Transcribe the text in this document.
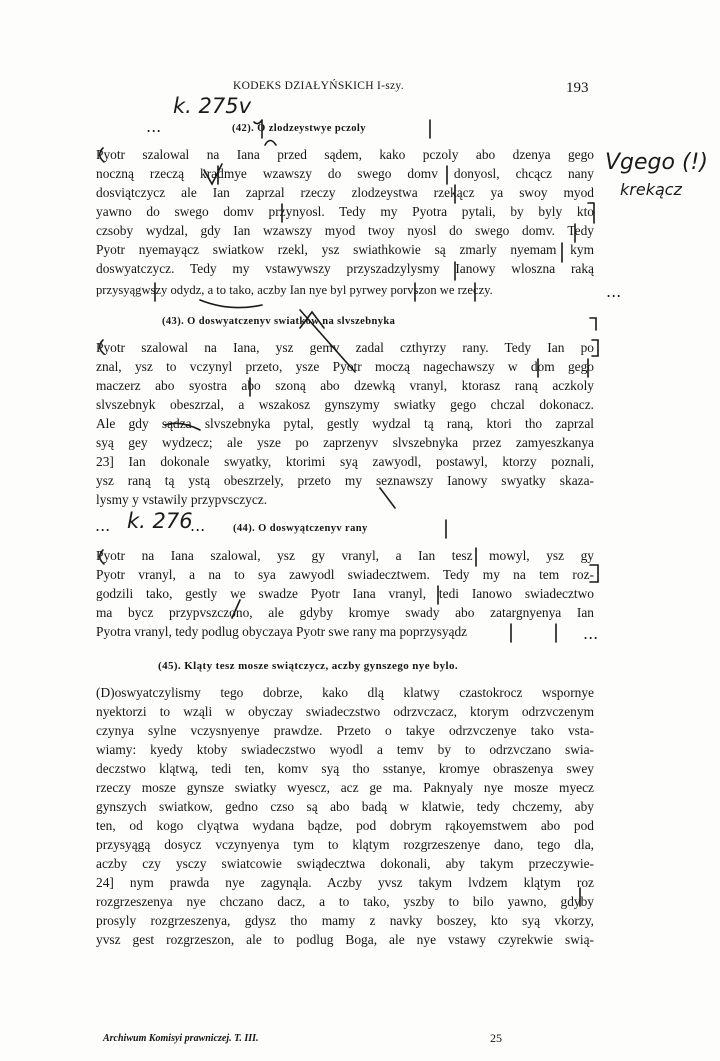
KODEKS DZIAŁYŃSKICH I-szy.	193
k. 275v
Vgego (!)
krekącz
...
...
... k. 276
...
...
(42). O zlodzeystwye pczoly
(43). O doswyatczenyv swiatkow na slvszebnyka
(44). O doswyątczenyv rany
(45). Kląty tesz mosze swiątczycz, aczby gynszego nye bylo.
Pyotr szalowal na Iana przed sądem, kako pczoly abo dzenya gego
noczną rzeczą kradmye wzawszy do swego domv donyosl, chcącz nany
dosviątczycz ale Ian zaprzal rzeczy zlodzeystwa rzekącz ya swoy myod
yawno do swego domv przynyosl. Tedy my Pyotra pytali, by byly kto
czsoby wydzal, gdy Ian wzawszy myod twoy nyosl do swego domv. Tedy
Pyotr nyemayącz swiatkow rzekl, ysz swiathkowie są zmarly nyemam kym
doswyatczycz. Tedy my vstawywszy przyszadzylysmy Ianowy wloszna raką
przysyągwszy odydz, a to tako, aczby Ian nye byl pyrwey porvszon we rzeczy.
Pyotr szalowal na Iana, ysz gemv zadal czthyrzy rany. Tedy Ian po
znal, ysz to vczynyl przeto, ysze Pyotr moczą nagechawszy w dom gego
maczerz abo syostra abo szoną abo dzewką vranyl, ktorasz raną aczkoly
slvszebnyk obeszrzal, a wszakosz gynszymy swiatky gego chczal dokonacz.
Ale gdy sądza slvszebnyka pytal, gestly wydzal tą raną, ktori tho zaprzal
syą gey wydzecz; ale ysze po zaprzenyv slvszebnyka przez zamyeszkanya
23] Ian dokonale swyatky, ktorimi syą zawyodl, postawyl, ktorzy poznali,
ysz raną tą ystą obeszrzely, przeto my seznawszy Ianowy swyatky skaza-
lysmy y vstawily przypvsczycz.
Pyotr na Iana szalowal, ysz gy vranyl, a Ian tesz mowyl, ysz gy
Pyotr vranyl, a na to sya zawyodl swiadecztwem. Tedy my na tem roz-
godzili tako, gestly we swadze Pyotr Iana vranyl, tedi Ianowo swiadecztwo
ma bycz przypvszczono, ale gdyby kromye swady abo zatargnyenya Ian
Pyotra vranyl, tedy podlug obyczaya Pyotr swe rany ma poprzysyądz
(D)oswyatczylismy tego dobrze, kako dlą klatwy czastokrocz wspornye
nyektorzi to wząli w obyczay swiadeczstwo odrzvczacz, ktorym odrzvczenym
czynya sylne vczysnyenye prawdze. Przeto o takye odrzvczenye tako vsta-
wiamy: kyedy ktoby swiadeczstwo wyodl a temv by to odrzvczano swia-
deczstwo klątwą, tedi ten, komv syą tho sstanye, kromye obraszenya swey
rzeczy mosze gynsze swiatky wyescz, acz ge ma. Paknyaly nye mosze myecz
gynszych swiatkow, gedno czso są abo badą w klatwie, tedy chczemy, aby
ten, od kogo clyątwa wydana bądze, pod dobrym rąkoyemstwem abo pod
przysyągą dosycz vczynyenya tym to klątym rozgrzeszenye dano, tego dla,
aczby czy ysczy swiatcowie swiądecztwa dokonali, aby takym przeczywie-
24] nym prawda nye zagynąla. Aczby yvsz takym lvdzem klątym roz
rozgrzeszenya nye chczano dacz, a to tako, yszby to bilo yawno, gdyby
prosyly rozgrzeszenya, gdysz tho mamy z navky boszey, kto syą vkorzy,
yvsz gest rozgrzeszon, ale to podlug Boga, ale nye vstawy czyrekwie swią-
Archiwum Komisyi prawniczej. T. III.	25
